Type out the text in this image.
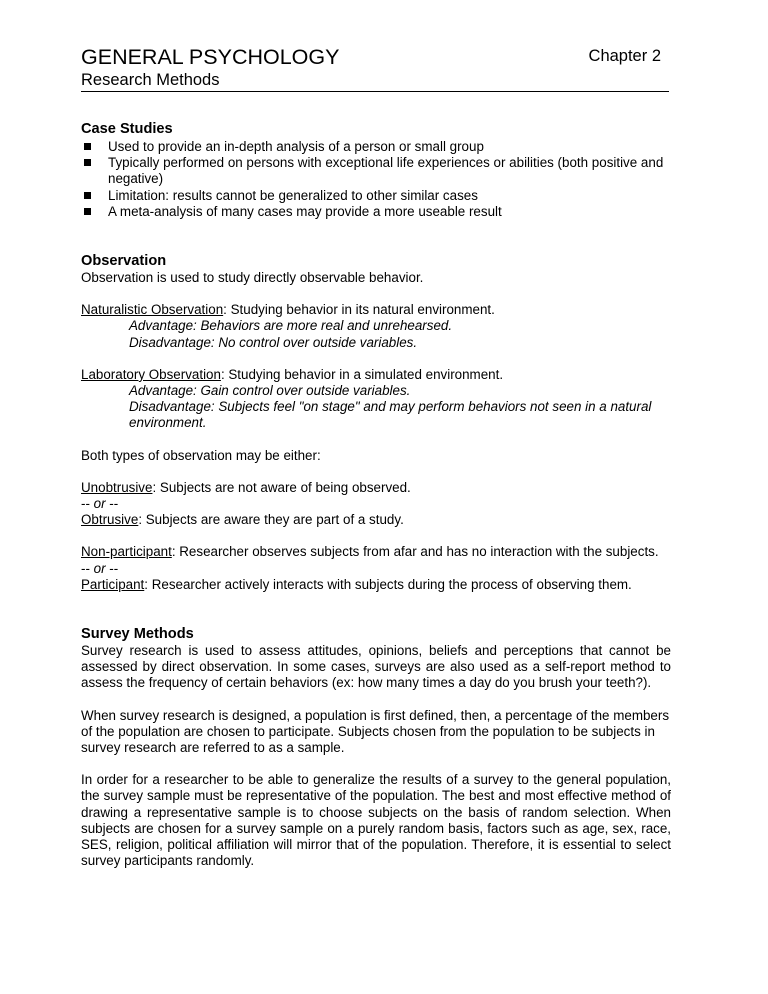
GENERAL PSYCHOLOGY	Chapter 2
Research Methods
Case Studies
Used to provide an in-depth analysis of a person or small group
Typically performed on persons with exceptional life experiences or abilities (both positive and negative)
Limitation: results cannot be generalized to other similar cases
A meta-analysis of many cases may provide a more useable result
Observation

Observation is used to study directly observable behavior.

Naturalistic Observation: Studying behavior in its natural environment.

Advantage: Behaviors are more real and unrehearsed.

Disadvantage: No control over outside variables.

Laboratory Observation: Studying behavior in a simulated environment.

Advantage: Gain control over outside variables.

Disadvantage: Subjects feel "on stage" and may perform behaviors not seen in a natural environment.

Both types of observation may be either:

Unobtrusive: Subjects are not aware of being observed.

-- or --

Obtrusive: Subjects are aware they are part of a study.

Non-participant: Researcher observes subjects from afar and has no interaction with the subjects.

-- or --

Participant: Researcher actively interacts with subjects during the process of observing them.

Survey Methods

Survey research is used to assess attitudes, opinions, beliefs and perceptions that cannot be assessed by direct observation. In some cases, surveys are also used as a self-report method to assess the frequency of certain behaviors (ex: how many times a day do you brush your teeth?).

When survey research is designed, a population is first defined, then, a percentage of the members of the population are chosen to participate. Subjects chosen from the population to be subjects in survey research are referred to as a sample.

In order for a researcher to be able to generalize the results of a survey to the general population, the survey sample must be representative of the population. The best and most effective method of drawing a representative sample is to choose subjects on the basis of random selection. When subjects are chosen for a survey sample on a purely random basis, factors such as age, sex, race, SES, religion, political affiliation will mirror that of the population. Therefore, it is essential to select survey participants randomly.
